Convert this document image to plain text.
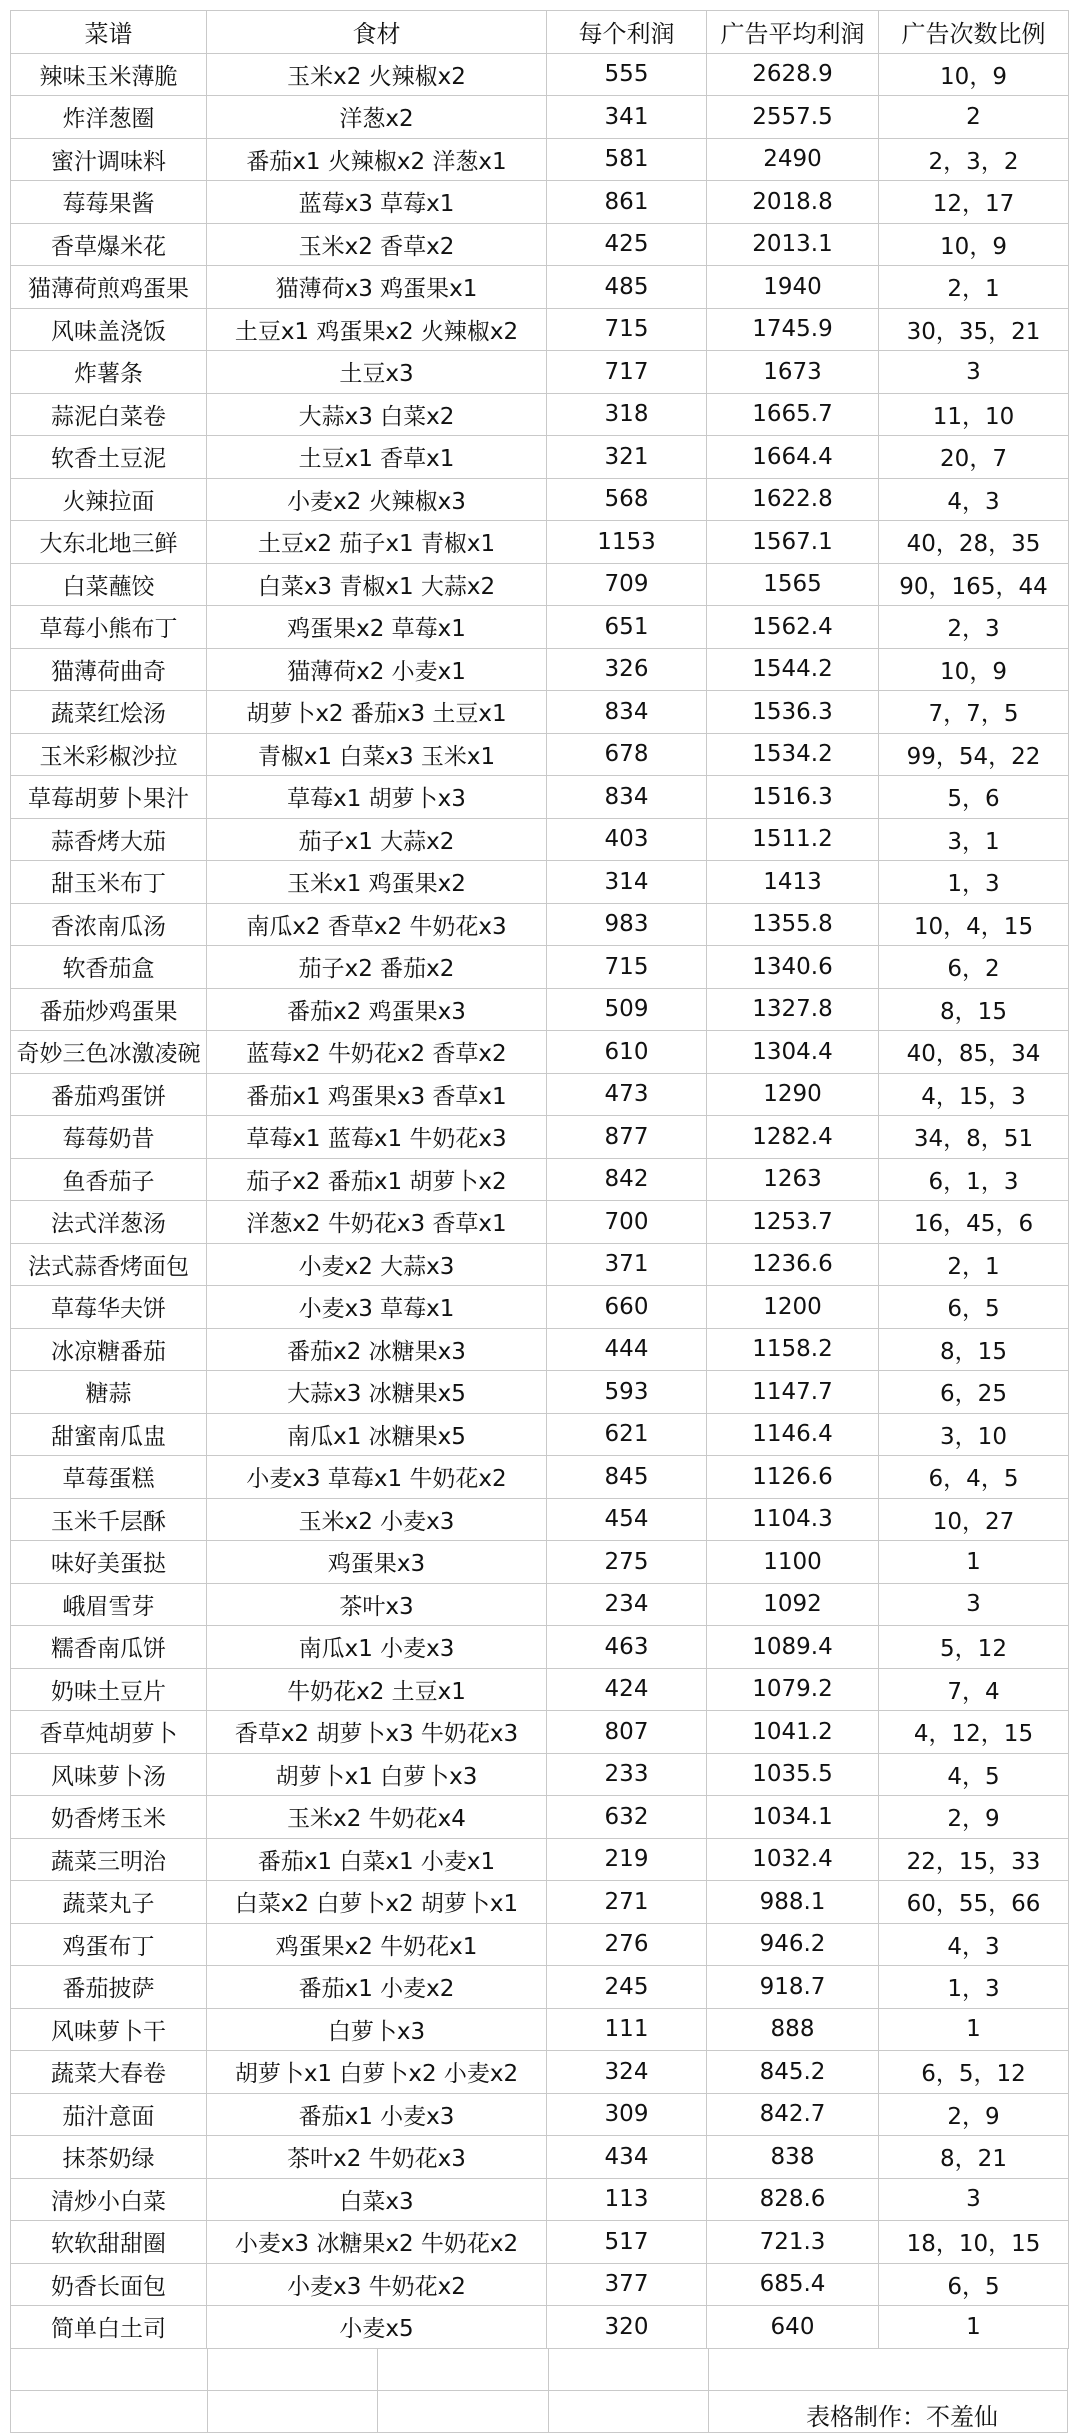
菜谱	食材	每个利润	广告平均利润	广告次数比例
辣味玉米薄脆	玉米x2 火辣椒x2	555	2628.9	10，9
炸洋葱圈	洋葱x2	341	2557.5	2
蜜汁调味料	番茄x1 火辣椒x2 洋葱x1	581	2490	2，3，2
莓莓果酱	蓝莓x3 草莓x1	861	2018.8	12，17
香草爆米花	玉米x2 香草x2	425	2013.1	10，9
猫薄荷煎鸡蛋果	猫薄荷x3 鸡蛋果x1	485	1940	2，1
风味盖浇饭	土豆x1 鸡蛋果x2 火辣椒x2	715	1745.9	30，35，21
炸薯条	土豆x3	717	1673	3
蒜泥白菜卷	大蒜x3 白菜x2	318	1665.7	11，10
软香土豆泥	土豆x1 香草x1	321	1664.4	20，7
火辣拉面	小麦x2 火辣椒x3	568	1622.8	4，3
大东北地三鲜	土豆x2 茄子x1 青椒x1	1153	1567.1	40，28，35
白菜蘸饺	白菜x3 青椒x1 大蒜x2	709	1565	90，165，44
草莓小熊布丁	鸡蛋果x2 草莓x1	651	1562.4	2，3
猫薄荷曲奇	猫薄荷x2 小麦x1	326	1544.2	10，9
蔬菜红烩汤	胡萝卜x2 番茄x3 土豆x1	834	1536.3	7，7，5
玉米彩椒沙拉	青椒x1 白菜x3 玉米x1	678	1534.2	99，54，22
草莓胡萝卜果汁	草莓x1 胡萝卜x3	834	1516.3	5，6
蒜香烤大茄	茄子x1 大蒜x2	403	1511.2	3，1
甜玉米布丁	玉米x1 鸡蛋果x2	314	1413	1，3
香浓南瓜汤	南瓜x2 香草x2 牛奶花x3	983	1355.8	10，4，15
软香茄盒	茄子x2 番茄x2	715	1340.6	6，2
番茄炒鸡蛋果	番茄x2 鸡蛋果x3	509	1327.8	8，15
奇妙三色冰激凌碗	蓝莓x2 牛奶花x2 香草x2	610	1304.4	40，85，34
番茄鸡蛋饼	番茄x1 鸡蛋果x3 香草x1	473	1290	4，15，3
莓莓奶昔	草莓x1 蓝莓x1 牛奶花x3	877	1282.4	34，8，51
鱼香茄子	茄子x2 番茄x1 胡萝卜x2	842	1263	6，1，3
法式洋葱汤	洋葱x2 牛奶花x3 香草x1	700	1253.7	16，45，6
法式蒜香烤面包	小麦x2 大蒜x3	371	1236.6	2，1
草莓华夫饼	小麦x3 草莓x1	660	1200	6，5
冰凉糖番茄	番茄x2 冰糖果x3	444	1158.2	8，15
糖蒜	大蒜x3 冰糖果x5	593	1147.7	6，25
甜蜜南瓜盅	南瓜x1 冰糖果x5	621	1146.4	3，10
草莓蛋糕	小麦x3 草莓x1 牛奶花x2	845	1126.6	6，4，5
玉米千层酥	玉米x2 小麦x3	454	1104.3	10，27
味好美蛋挞	鸡蛋果x3	275	1100	1
峨眉雪芽	茶叶x3	234	1092	3
糯香南瓜饼	南瓜x1 小麦x3	463	1089.4	5，12
奶味土豆片	牛奶花x2 土豆x1	424	1079.2	7，4
香草炖胡萝卜	香草x2 胡萝卜x3 牛奶花x3	807	1041.2	4，12，15
风味萝卜汤	胡萝卜x1 白萝卜x3	233	1035.5	4，5
奶香烤玉米	玉米x2 牛奶花x4	632	1034.1	2，9
蔬菜三明治	番茄x1 白菜x1 小麦x1	219	1032.4	22，15，33
蔬菜丸子	白菜x2 白萝卜x2 胡萝卜x1	271	988.1	60，55，66
鸡蛋布丁	鸡蛋果x2 牛奶花x1	276	946.2	4，3
番茄披萨	番茄x1 小麦x2	245	918.7	1，3
风味萝卜干	白萝卜x3	111	888	1
蔬菜大春卷	胡萝卜x1 白萝卜x2 小麦x2	324	845.2	6，5，12
茄汁意面	番茄x1 小麦x3	309	842.7	2，9
抹茶奶绿	茶叶x2 牛奶花x3	434	838	8，21
清炒小白菜	白菜x3	113	828.6	3
软软甜甜圈	小麦x3 冰糖果x2 牛奶花x2	517	721.3	18，10，15
奶香长面包	小麦x3 牛奶花x2	377	685.4	6，5
简单白土司	小麦x5	320	640	1
表格制作：不羞仙
